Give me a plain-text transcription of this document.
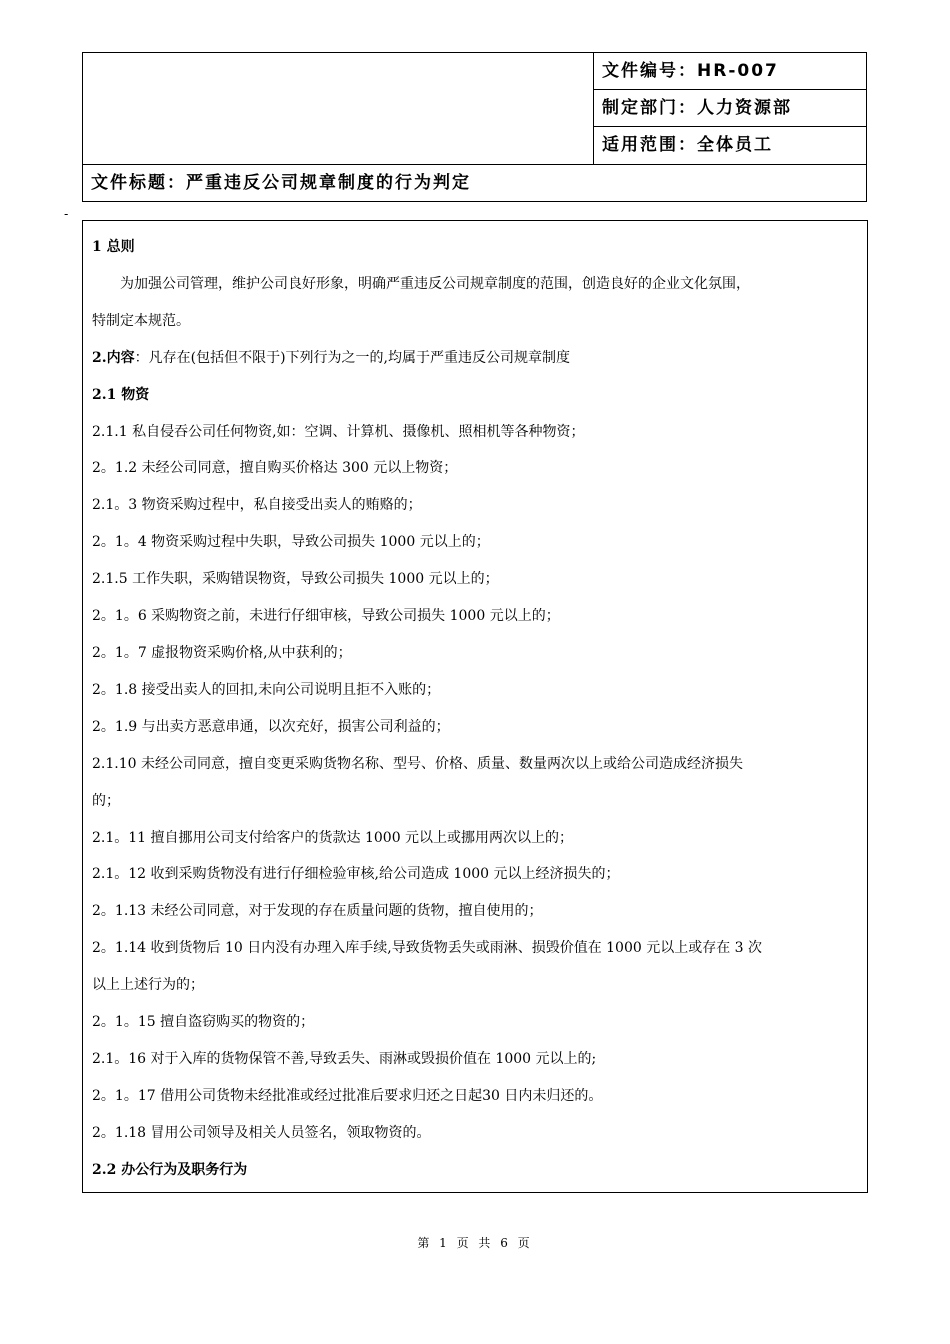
文件编号：HR-007
制定部门：人力资源部
适用范围：全体员工
文件标题：严重违反公司规章制度的行为判定
-
1 总则
为加强公司管理，维护公司良好形象，明确严重违反公司规章制度的范围，创造良好的企业文化氛围，
特制定本规范。
2.内容：凡存在(包括但不限于)下列行为之一的,均属于严重违反公司规章制度
2.1 物资
2.1.1 私自侵吞公司任何物资,如：空调、计算机、摄像机、照相机等各种物资；
2。1.2 未经公司同意，擅自购买价格达 300 元以上物资；
2.1。3 物资采购过程中，私自接受出卖人的贿赂的；
2。1。4 物资采购过程中失职，导致公司损失 1000 元以上的；
2.1.5 工作失职，采购错误物资，导致公司损失 1000 元以上的；
2。1。6 采购物资之前，未进行仔细审核，导致公司损失 1000 元以上的；
2。1。7 虚报物资采购价格,从中获利的；
2。1.8 接受出卖人的回扣,未向公司说明且拒不入账的；
2。1.9 与出卖方恶意串通，以次充好，损害公司利益的；
2.1.10 未经公司同意，擅自变更采购货物名称、型号、价格、质量、数量两次以上或给公司造成经济损失
的；
2.1。11 擅自挪用公司支付给客户的货款达 1000 元以上或挪用两次以上的；
2.1。12 收到采购货物没有进行仔细检验审核,给公司造成 1000 元以上经济损失的；
2。1.13 未经公司同意，对于发现的存在质量问题的货物，擅自使用的；
2。1.14 收到货物后 10 日内没有办理入库手续,导致货物丢失或雨淋、损毁价值在 1000 元以上或存在 3 次
以上上述行为的；
2。1。15 擅自盗窃购买的物资的；
2.1。16 对于入库的货物保管不善,导致丢失、雨淋或毁损价值在 1000 元以上的;
2。1。17 借用公司货物未经批准或经过批准后要求归还之日起30 日内未归还的。
2。1.18 冒用公司领导及相关人员签名，领取物资的。
2.2 办公行为及职务行为
第 1 页 共 6 页
